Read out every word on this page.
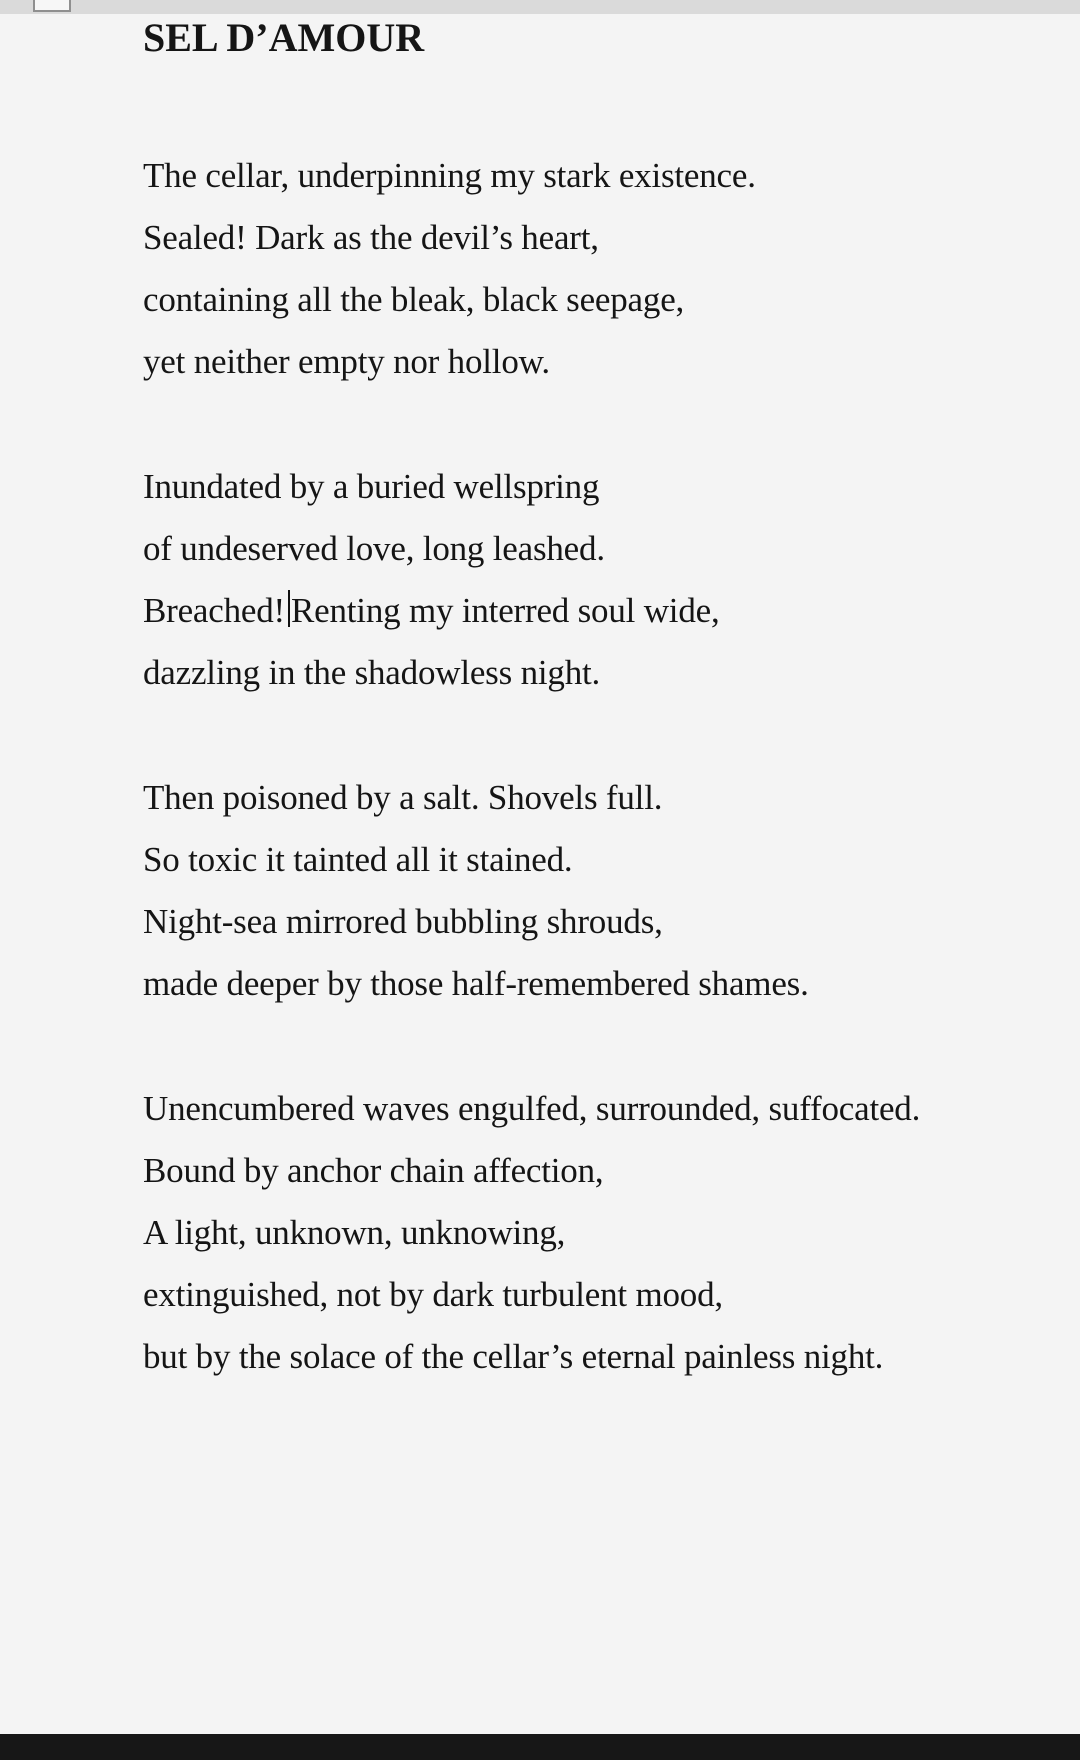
SEL D’AMOUR
The cellar, underpinning my stark existence.
Sealed! Dark as the devil’s heart,
containing all the bleak, black seepage,
yet neither empty nor hollow.
Inundated by a buried wellspring
of undeserved love, long leashed.
Breached! Renting my interred soul wide,
dazzling in the shadowless night.
Then poisoned by a salt. Shovels full.
So toxic it tainted all it stained.
Night-sea mirrored bubbling shrouds,
made deeper by those half-remembered shames.
Unencumbered waves engulfed, surrounded, suffocated.
Bound by anchor chain affection,
A light, unknown, unknowing,
extinguished, not by dark turbulent mood,
but by the solace of the cellar’s eternal painless night.
